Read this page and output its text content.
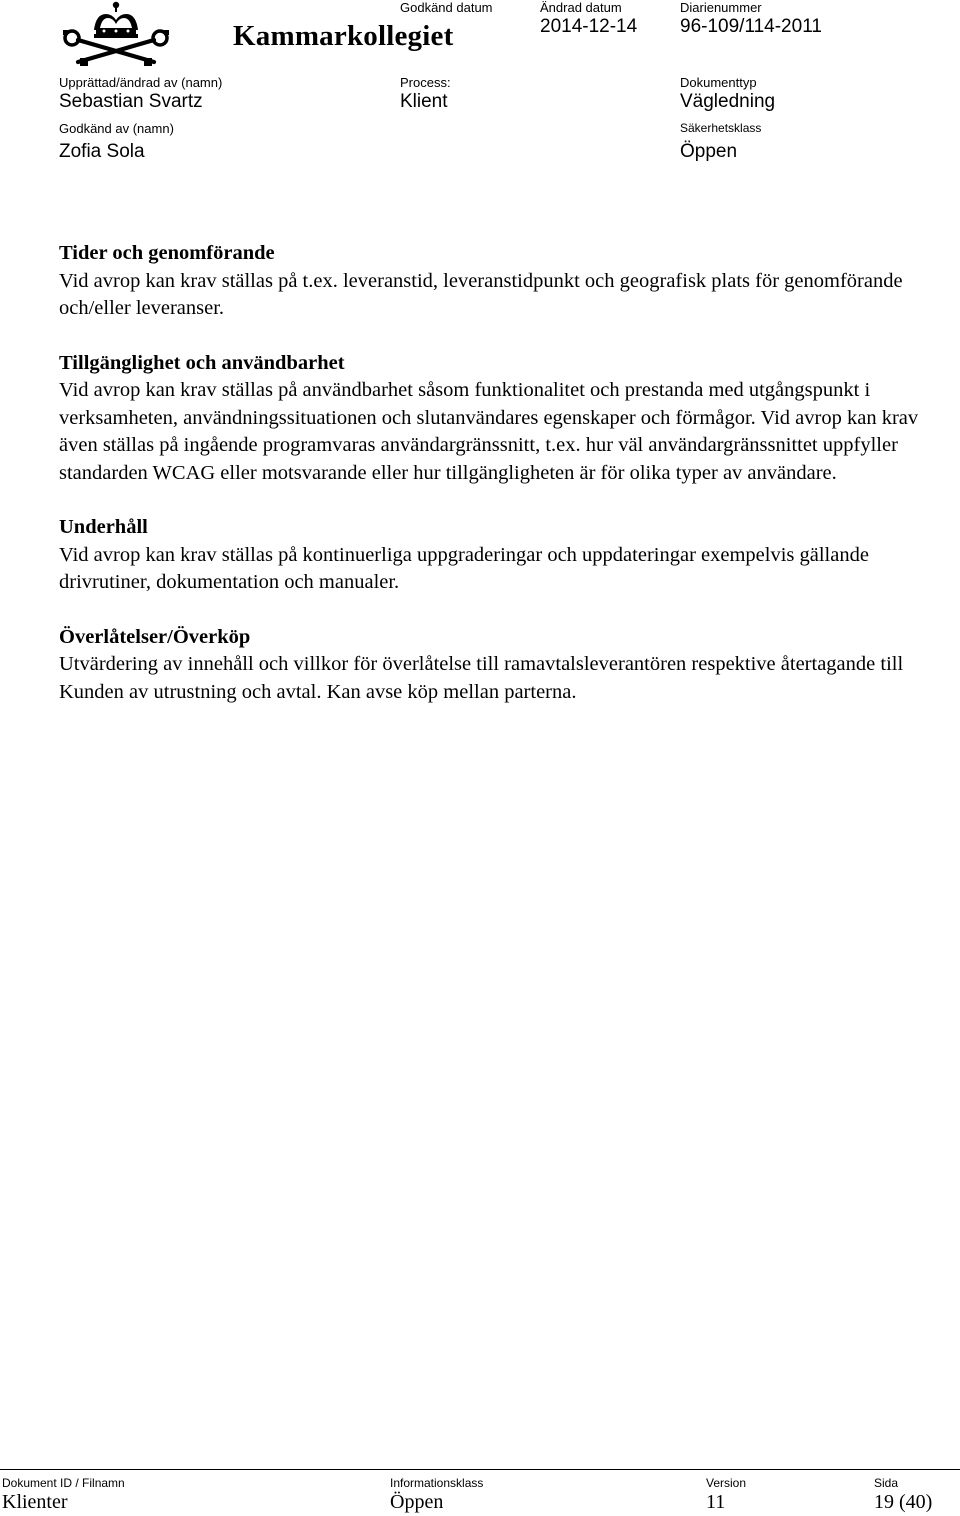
Kammarkollegiet
Godkänd datum	Ändrad datum
2014-12-14
Diarienummer
96-109/114-2011
Upprättad/ändrad av (namn)
Sebastian Svartz
Process:
Klient
Dokumenttyp
Vägledning
Godkänd av (namn)
Zofia Sola
Säkerhetsklass
Öppen
Tider och genomförande

Vid avrop kan krav ställas på t.ex. leveranstid, leveranstidpunkt och geografisk plats för genomförande och/eller leveranser.

Tillgänglighet och användbarhet

Vid avrop kan krav ställas på användbarhet såsom funktionalitet och prestanda med utgångspunkt i verksamheten, användningssituationen och slutanvändares egenskaper och förmågor. Vid avrop kan krav även ställas på ingående programvaras användargränssnitt, t.ex. hur väl användargränssnittet uppfyller standarden WCAG eller motsvarande eller hur tillgängligheten är för olika typer av användare.

Underhåll

Vid avrop kan krav ställas på kontinuerliga uppgraderingar och uppdateringar exempelvis gällande drivrutiner, dokumentation och manualer.

Överlåtelser/Överköp

Utvärdering av innehåll och villkor för överlåtelse till ramavtalsleverantören respektive återtagande till Kunden av utrustning och avtal. Kan avse köp mellan parterna.

Dokument ID / Filnamn
Klienter
Informationsklass
Öppen
Version
11
Sida
19 (40)
